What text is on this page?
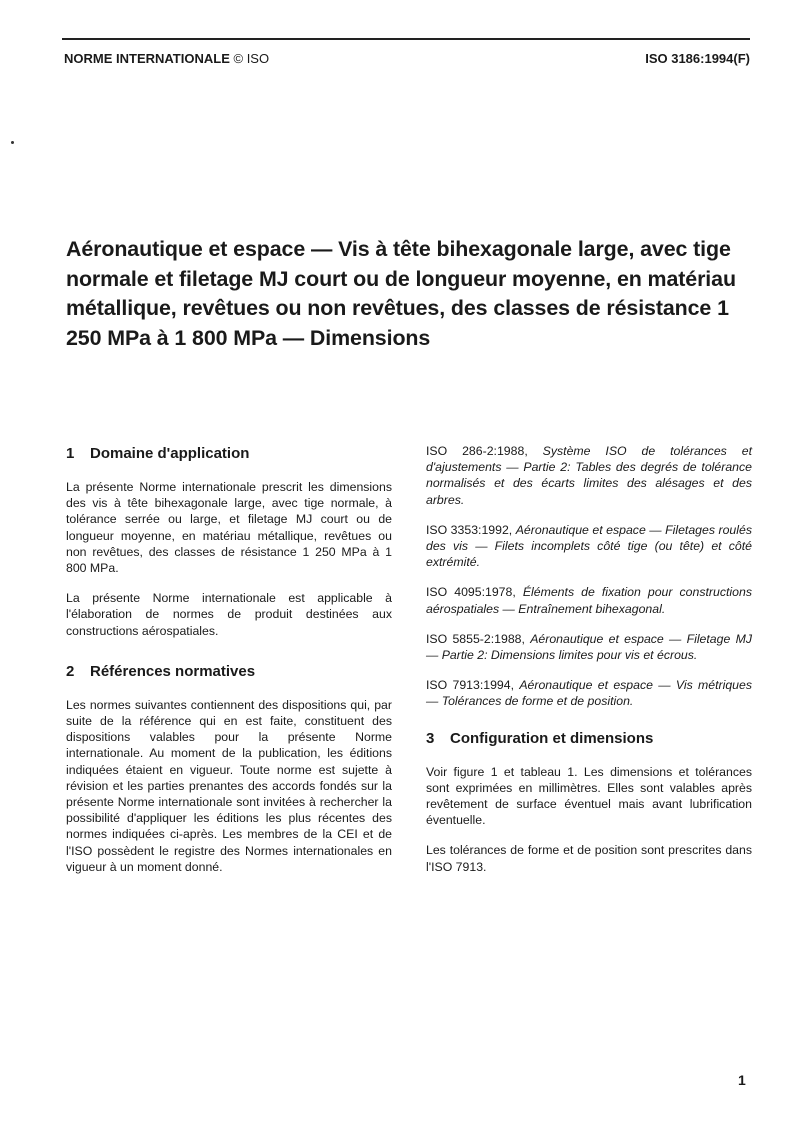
NORME INTERNATIONALE © ISO	ISO 3186:1994(F)
Aéronautique et espace — Vis à tête bihexagonale large, avec tige normale et filetage MJ court ou de longueur moyenne, en matériau métallique, revêtues ou non revêtues, des classes de résistance 1 250 MPa à 1 800 MPa — Dimensions
1 Domaine d'application

La présente Norme internationale prescrit les dimensions des vis à tête bihexagonale large, avec tige normale, à tolérance serrée ou large, et filetage MJ court ou de longueur moyenne, en matériau métallique, revêtues ou non revêtues, des classes de résistance 1 250 MPa à 1 800 MPa.

La présente Norme internationale est applicable à l'élaboration de normes de produit destinées aux constructions aérospatiales.

2 Références normatives

Les normes suivantes contiennent des dispositions qui, par suite de la référence qui en est faite, constituent des dispositions valables pour la présente Norme internationale. Au moment de la publication, les éditions indiquées étaient en vigueur. Toute norme est sujette à révision et les parties prenantes des accords fondés sur la présente Norme internationale sont invitées à rechercher la possibilité d'appliquer les éditions les plus récentes des normes indiquées ci-après. Les membres de la CEI et de l'ISO possèdent le registre des Normes internationales en vigueur à un moment donné.

ISO 286-2:1988, Système ISO de tolérances et d'ajustements — Partie 2: Tables des degrés de tolérance normalisés et des écarts limites des alésages et des arbres.

ISO 3353:1992, Aéronautique et espace — Filetages roulés des vis — Filets incomplets côté tige (ou tête) et côté extrémité.

ISO 4095:1978, Éléments de fixation pour constructions aérospatiales — Entraînement bihexagonal.

ISO 5855-2:1988, Aéronautique et espace — Filetage MJ — Partie 2: Dimensions limites pour vis et écrous.

ISO 7913:1994, Aéronautique et espace — Vis métriques — Tolérances de forme et de position.

3 Configuration et dimensions

Voir figure 1 et tableau 1. Les dimensions et tolérances sont exprimées en millimètres. Elles sont valables après revêtement de surface éventuel mais avant lubrification éventuelle.

Les tolérances de forme et de position sont prescrites dans l'ISO 7913.

1
